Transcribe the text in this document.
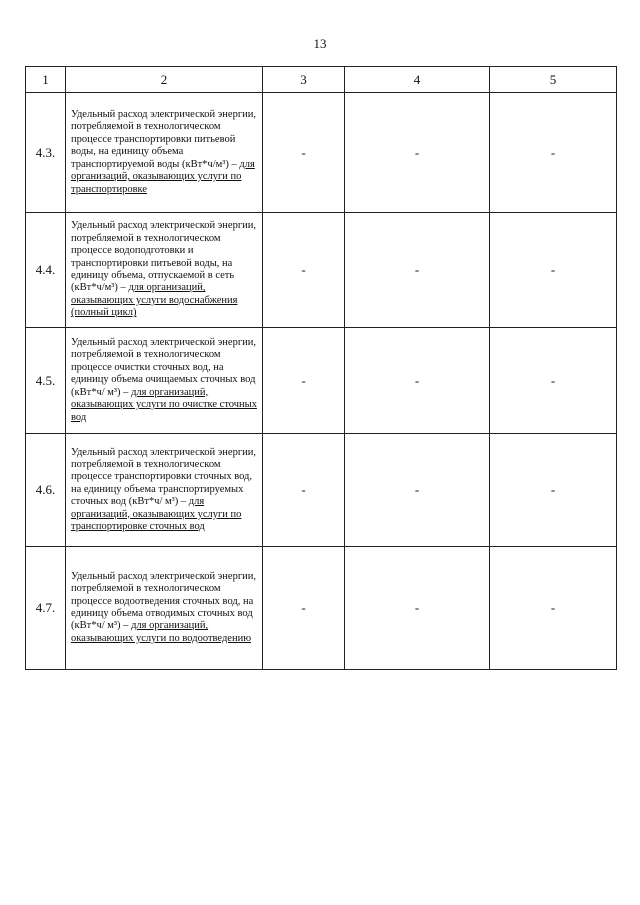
13
1	2	3	4	5
4.3.	Удельный расход электрической энергии, потребляемой в технологическом процессе транспортировки питьевой воды, на единицу объема транспортируемой воды (кВт*ч/м³) – для организаций, оказывающих услуги по транспортировке	-	-	-
4.4.	Удельный расход электрической энергии, потребляемой в технологическом процессе водоподготовки и транспортировки питьевой воды, на единицу объема, отпускаемой в сеть (кВт*ч/м³) – для организаций, оказывающих услуги водоснабжения (полный цикл)	-	-	-
4.5.	Удельный расход электрической энергии, потребляемой в технологическом процессе очистки сточных вод, на единицу объема очищаемых сточных вод (кВт*ч/ м³) – для организаций, оказывающих услуги по очистке сточных вод	-	-	-
4.6.	Удельный расход электрической энергии, потребляемой в технологическом процессе транспортировки сточных вод, на единицу объема транспортируемых сточных вод (кВт*ч/ м³) – для организаций, оказывающих услуги по транспортировке сточных вод	-	-	-
4.7.	Удельный расход электрической энергии, потребляемой в технологическом процессе водоотведения сточных вод, на единицу объема отводимых сточных вод (кВт*ч/ м³) – для организаций, оказывающих услуги по водоотведению	-	-	-
